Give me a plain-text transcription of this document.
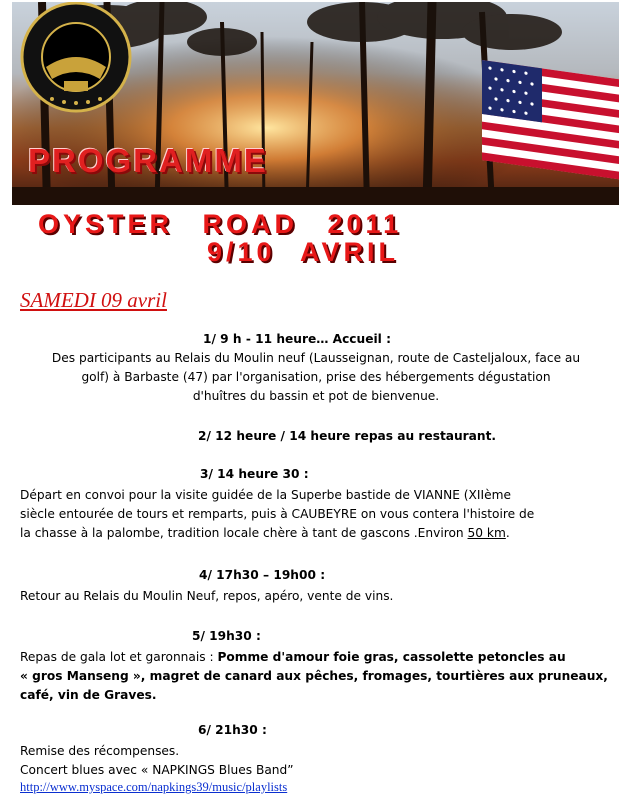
PROGRAMME
OYSTER ROAD 2011
9/10 AVRIL
SAMEDI 09 avril
1/ 9 h - 11 heure… Accueil :
Des participants au Relais du Moulin neuf (Lausseignan, route de Casteljaloux, face au
golf) à Barbaste (47) par l'organisation, prise des hébergements dégustation
d'huîtres du bassin et pot de bienvenue.
2/ 12 heure / 14 heure repas au restaurant.
3/ 14 heure 30 :
Départ en convoi pour la visite guidée de la Superbe bastide de VIANNE (XIIème
siècle entourée de tours et remparts, puis à CAUBEYRE on vous contera l'histoire de
la chasse à la palombe, tradition locale chère à tant de gascons .Environ 50 km.
4/ 17h30 – 19h00 :
Retour au Relais du Moulin Neuf, repos, apéro, vente de vins.
5/ 19h30 :
Repas de gala lot et garonnais : Pomme d'amour foie gras, cassolette petoncles au
« gros Manseng », magret de canard aux pêches, fromages, tourtières aux pruneaux,
café, vin de Graves.
6/ 21h30 :
Remise des récompenses.
Concert blues avec « NAPKINGS Blues Band”
http://www.myspace.com/napkings39/music/playlists
